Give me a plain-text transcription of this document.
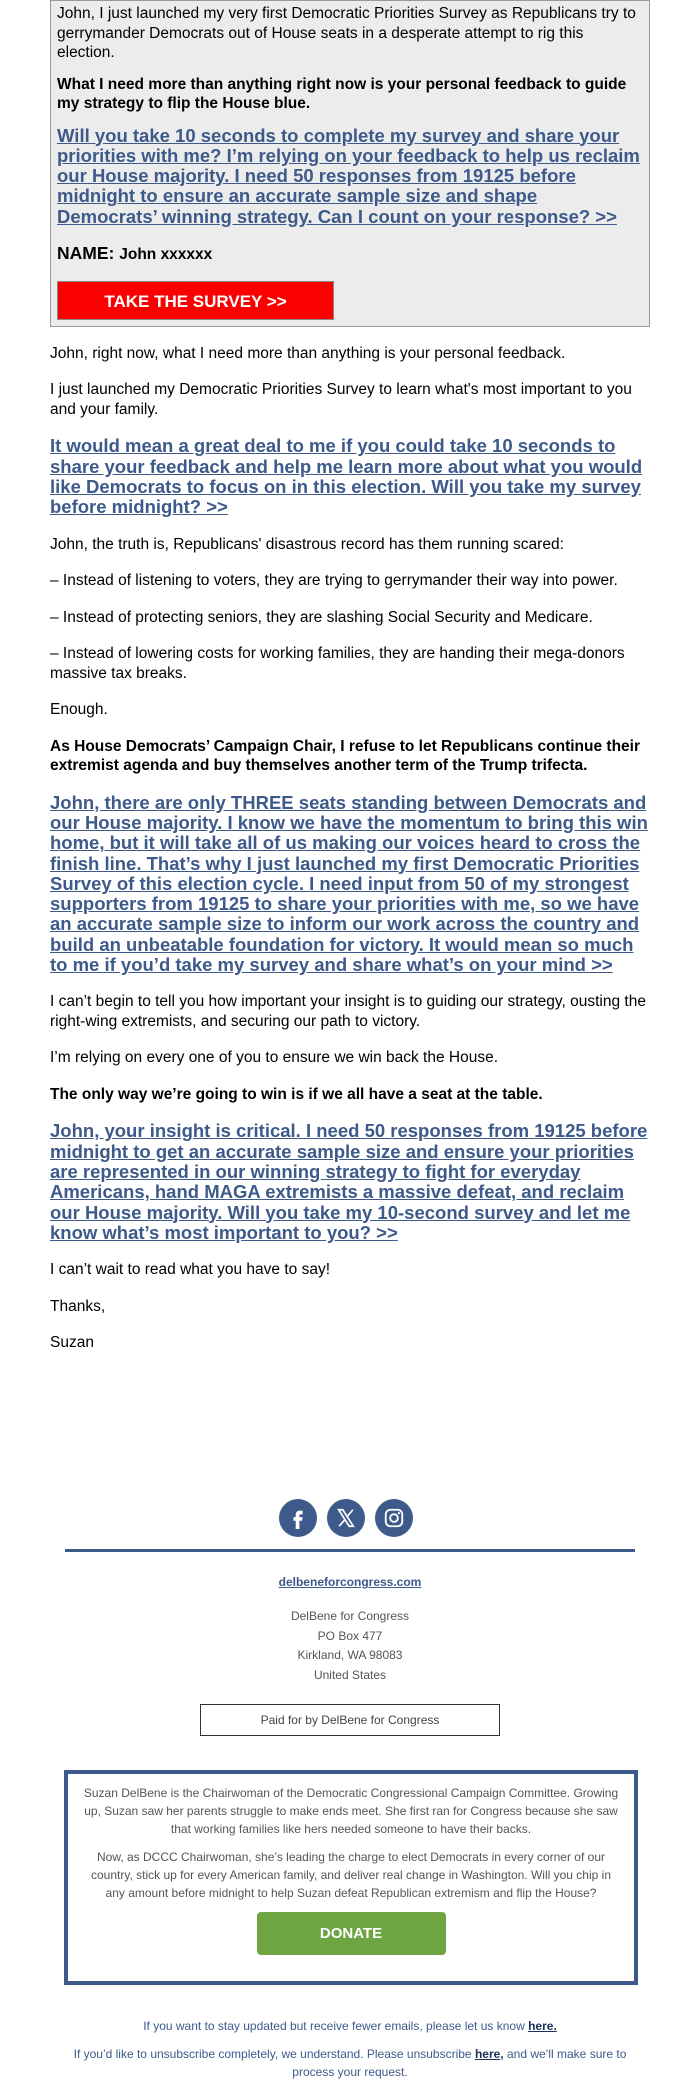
John, I just launched my very first Democratic Priorities Survey as Republicans try to gerrymander Democrats out of House seats in a desperate attempt to rig this election.

What I need more than anything right now is your personal feedback to guide my strategy to flip the House blue.

Will you take 10 seconds to complete my survey and share your priorities with me? I’m relying on your feedback to help us reclaim our House majority. I need 50 responses from 19125 before midnight to ensure an accurate sample size and shape Democrats’ winning strategy. Can I count on your response? >>

NAME: John xxxxxx

TAKE THE SURVEY >>

John, right now, what I need more than anything is your personal feedback.

I just launched my Democratic Priorities Survey to learn what's most important to you and your family.

It would mean a great deal to me if you could take 10 seconds to share your feedback and help me learn more about what you would like Democrats to focus on in this election. Will you take my survey before midnight? >>

John, the truth is, Republicans' disastrous record has them running scared:

– Instead of listening to voters, they are trying to gerrymander their way into power.

– Instead of protecting seniors, they are slashing Social Security and Medicare.

– Instead of lowering costs for working families, they are handing their mega-donors massive tax breaks.

Enough.

As House Democrats’ Campaign Chair, I refuse to let Republicans continue their extremist agenda and buy themselves another term of the Trump trifecta.

John, there are only THREE seats standing between Democrats and our House majority. I know we have the momentum to bring this win home, but it will take all of us making our voices heard to cross the finish line. That’s why I just launched my first Democratic Priorities Survey of this election cycle. I need input from 50 of my strongest supporters from 19125 to share your priorities with me, so we have an accurate sample size to inform our work across the country and build an unbeatable foundation for victory. It would mean so much to me if you’d take my survey and share what’s on your mind >>

I can’t begin to tell you how important your insight is to guiding our strategy, ousting the right-wing extremists, and securing our path to victory.

I’m relying on every one of you to ensure we win back the House.

The only way we’re going to win is if we all have a seat at the table.

John, your insight is critical. I need 50 responses from 19125 before midnight to get an accurate sample size and ensure your priorities are represented in our winning strategy to fight for everyday Americans, hand MAGA extremists a massive defeat, and reclaim our House majority. Will you take my 10-second survey and let me know what’s most important to you? >>

I can’t wait to read what you have to say!

Thanks,

Suzan

delbeneforcongress.com
DelBene for Congress
PO Box 477
Kirkland, WA 98083
United States
Paid for by DelBene for Congress

Suzan DelBene is the Chairwoman of the Democratic Congressional Campaign Committee. Growing up, Suzan saw her parents struggle to make ends meet. She first ran for Congress because she saw that working families like hers needed someone to have their backs.

Now, as DCCC Chairwoman, she’s leading the charge to elect Democrats in every corner of our country, stick up for every American family, and deliver real change in Washington. Will you chip in any amount before midnight to help Suzan defeat Republican extremism and flip the House?

DONATE
If you want to stay updated but receive fewer emails, please let us know here.
If you’d like to unsubscribe completely, we understand. Please unsubscribe here, and we’ll make sure to process your request.
